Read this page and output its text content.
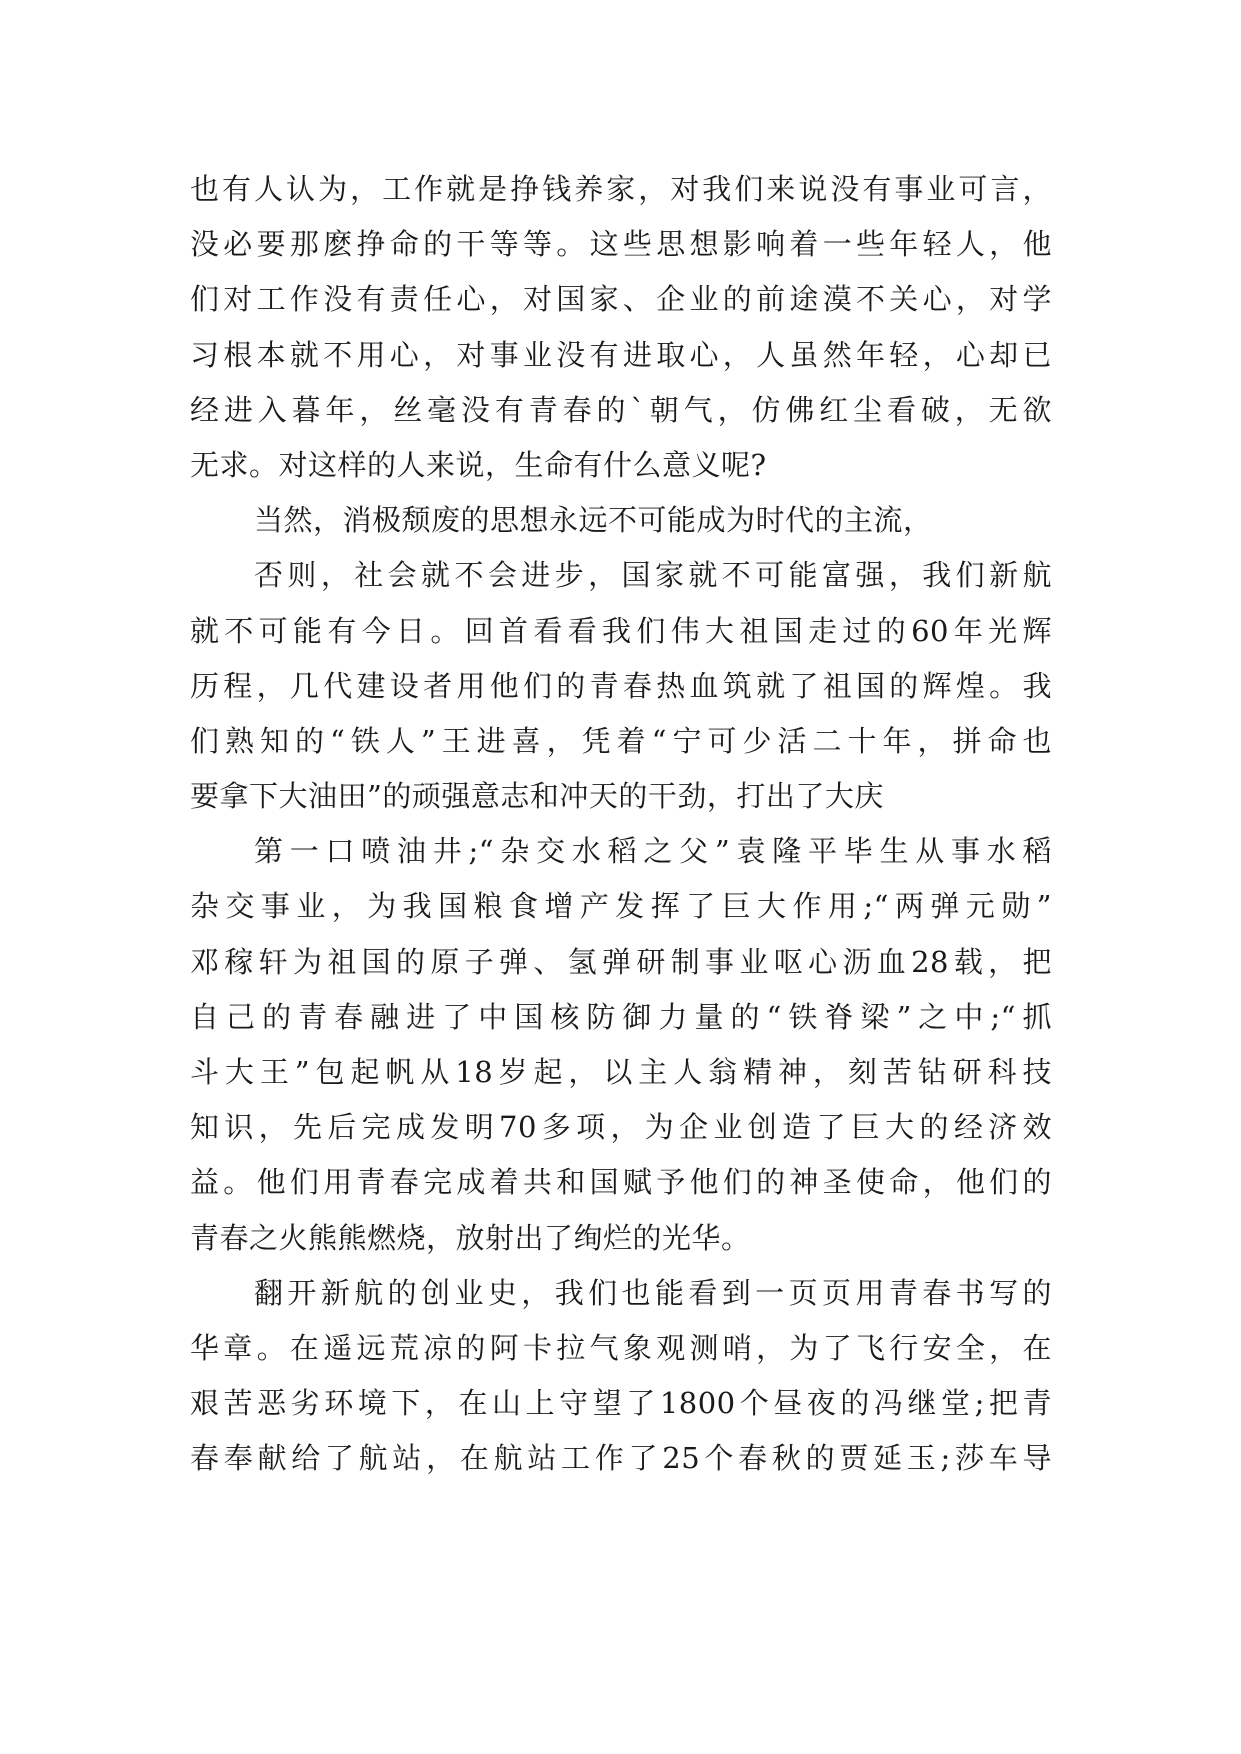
也有人认为，工作就是挣钱养家，对我们来说没有事业可言，
没必要那麽挣命的干等等。这些思想影响着一些年轻人，他
们对工作没有责任心，对国家、企业的前途漠不关心，对学
习根本就不用心，对事业没有进取心，人虽然年轻，心却已
经进入暮年，丝毫没有青春的`朝气，仿佛红尘看破，无欲
无求。对这样的人来说，生命有什么意义呢?
当然，消极颓废的思想永远不可能成为时代的主流，
否则，社会就不会进步，国家就不可能富强，我们新航
就不可能有今日。回首看看我们伟大祖国走过的60年光辉
历程，几代建设者用他们的青春热血筑就了祖国的辉煌。我
们熟知的“铁人”王进喜，凭着“宁可少活二十年，拼命也
要拿下大油田”的顽强意志和冲天的干劲，打出了大庆
第一口喷油井;“杂交水稻之父”袁隆平毕生从事水稻
杂交事业，为我国粮食增产发挥了巨大作用;“两弹元勋”
邓稼轩为祖国的原子弹、氢弹研制事业呕心沥血28载，把
自己的青春融进了中国核防御力量的“铁脊梁”之中;“抓
斗大王”包起帆从18岁起，以主人翁精神，刻苦钻研科技
知识，先后完成发明70多项，为企业创造了巨大的经济效
益。他们用青春完成着共和国赋予他们的神圣使命，他们的
青春之火熊熊燃烧，放射出了绚烂的光华。
翻开新航的创业史，我们也能看到一页页用青春书写的
华章。在遥远荒凉的阿卡拉气象观测哨，为了飞行安全，在
艰苦恶劣环境下，在山上守望了1800个昼夜的冯继堂;把青
春奉献给了航站，在航站工作了25个春秋的贾延玉;莎车导
